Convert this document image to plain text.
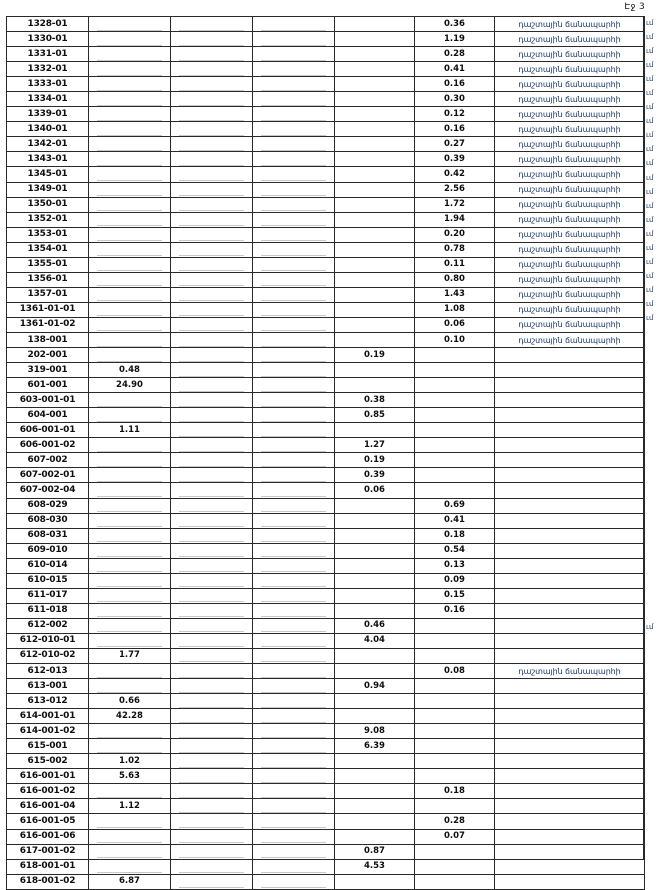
Էջ 3
1328-01					0.36	դաշտային ճանապարհի
1330-01					1.19	դաշտային ճանապարհի
1331-01					0.28	դաշտային ճանապարհի
1332-01					0.41	դաշտային ճանապարհի
1333-01					0.16	դաշտային ճանապարհի
1334-01					0.30	դաշտային ճանապարհի
1339-01					0.12	դաշտային ճանապարհի
1340-01					0.16	դաշտային ճանապարհի
1342-01					0.27	դաշտային ճանապարհի
1343-01					0.39	դաշտային ճանապարհի
1345-01					0.42	դաշտային ճանապարհի
1349-01					2.56	դաշտային ճանապարհի
1350-01					1.72	դաշտային ճանապարհի
1352-01					1.94	դաշտային ճանապարհի
1353-01					0.20	դաշտային ճանապարհի
1354-01					0.78	դաշտային ճանապարհի
1355-01					0.11	դաշտային ճանապարհի
1356-01					0.80	դաշտային ճանապարհի
1357-01					1.43	դաշտային ճանապարհի
1361-01-01					1.08	դաշտային ճանապարհի
1361-01-02					0.06	դաշտային ճանապարհի
138-001					0.10	դաշտային ճանապարհի
202-001				0.19		
319-001	0.48					
601-001	24.90					
603-001-01				0.38		
604-001				0.85		
606-001-01	1.11					
606-001-02				1.27		
607-002				0.19		
607-002-01				0.39		
607-002-04				0.06		
608-029					0.69	
608-030					0.41	
608-031					0.18	
609-010					0.54	
610-014					0.13	
610-015					0.09	
611-017					0.15	
611-018					0.16	
612-002				0.46		
612-010-01				4.04		
612-010-02	1.77					
612-013					0.08	դաշտային ճանապարհի
613-001				0.94		
613-012	0.66					
614-001-01	42.28					
614-001-02				9.08		
615-001				6.39		
615-002	1.02					
616-001-01	5.63					
616-001-02					0.18	
616-001-04	1.12					
616-001-05					0.28	
616-001-06					0.07	
617-001-02				0.87		
618-001-01				4.53		
618-001-02	6.87					
ւմ
ւմ
ւմ
ւմ
ւմ
ւմ
ւմ
ւմ
ւմ
ւմ
ւմ
ւմ
ւմ
ւմ
ւմ
ւմ
ւմ
ւմ
ւմ
ւմ
ւմ
ւմ
ւմ
